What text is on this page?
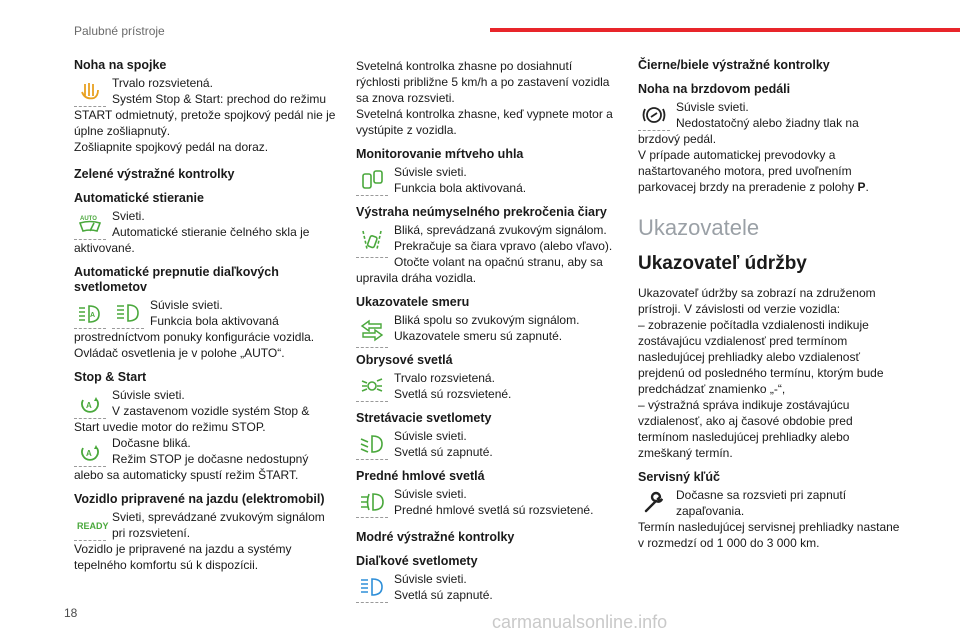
Palubné prístroje
Noha na spojke
Trvalo rozsvietená.
Systém Stop & Start: prechod do režimu START odmietnutý, pretože spojkový pedál nie je úplne zošliapnutý.
Zošliapnite spojkový pedál na doraz.
Zelené výstražné kontrolky
Automatické stieranie
AUTO	Svieti.
Automatické stieranie čelného skla je aktivované.
Automatické prepnutie diaľkových svetlometov
A
Súvisle svieti.
Funkcia bola aktivovaná prostredníctvom ponuky konfigurácie vozidla. Ovládač osvetlenia je v polohe „AUTO“.
Stop & Start
A
Súvisle svieti.
V zastavenom vozidle systém Stop & Start uvedie motor do režimu STOP.
A
Dočasne bliká.
Režim STOP je dočasne nedostupný alebo sa automaticky spustí režim ŠTART.
Vozidlo pripravené na jazdu (elektromobil)
READY
Svieti, sprevádzané zvukovým signálom pri rozsvietení.
Vozidlo je pripravené na jazdu a systémy tepelného komfortu sú k dispozícii.
Svetelná kontrolka zhasne po dosiahnutí rýchlosti približne 5 km/h a po zastavení vozidla sa znova rozsvieti.
Svetelná kontrolka zhasne, keď vypnete motor a vystúpite z vozidla.
Monitorovanie mŕtveho uhla
Súvisle svieti.
Funkcia bola aktivovaná.
Výstraha neúmyselného prekročenia čiary
Bliká, sprevádzaná zvukovým signálom.
Prekračuje sa čiara vpravo (alebo vľavo). Otočte volant na opačnú stranu, aby sa upravila dráha vozidla.
Ukazovatele smeru
Bliká spolu so zvukovým signálom.
Ukazovatele smeru sú zapnuté.
Obrysové svetlá
Trvalo rozsvietená.
Svetlá sú rozsvietené.
Stretávacie svetlomety
Súvisle svieti.
Svetlá sú zapnuté.
Predné hmlové svetlá
Súvisle svieti.
Predné hmlové svetlá sú rozsvietené.
Modré výstražné kontrolky
Diaľkové svetlomety
Súvisle svieti.
Svetlá sú zapnuté.
Čierne/biele výstražné kontrolky
Noha na brzdovom pedáli
Súvisle svieti.
Nedostatočný alebo žiadny tlak na brzdový pedál.
V prípade automatickej prevodovky a naštartovaného motora, pred uvoľnením parkovacej brzdy na preradenie z polohy P.
Ukazovatele
Ukazovateľ údržby
Ukazovateľ údržby sa zobrazí na združenom prístroji. V závislosti od verzie vozidla:
– zobrazenie počítadla vzdialenosti indikuje zostávajúcu vzdialenosť pred termínom nasledujúcej prehliadky alebo vzdialenosť prejdenú od posledného termínu, ktorým bude predchádzať znamienko „-“,
– výstražná správa indikuje zostávajúcu vzdialenosť, ako aj časové obdobie pred termínom nasledujúcej prehliadky alebo zmeškaný termín.
Servisný kľúč
Dočasne sa rozsvieti pri zapnutí zapaľovania.
Termín nasledujúcej servisnej prehliadky nastane v rozmedzí od 1 000 do 3 000 km.
18	carmanualsonline.info
